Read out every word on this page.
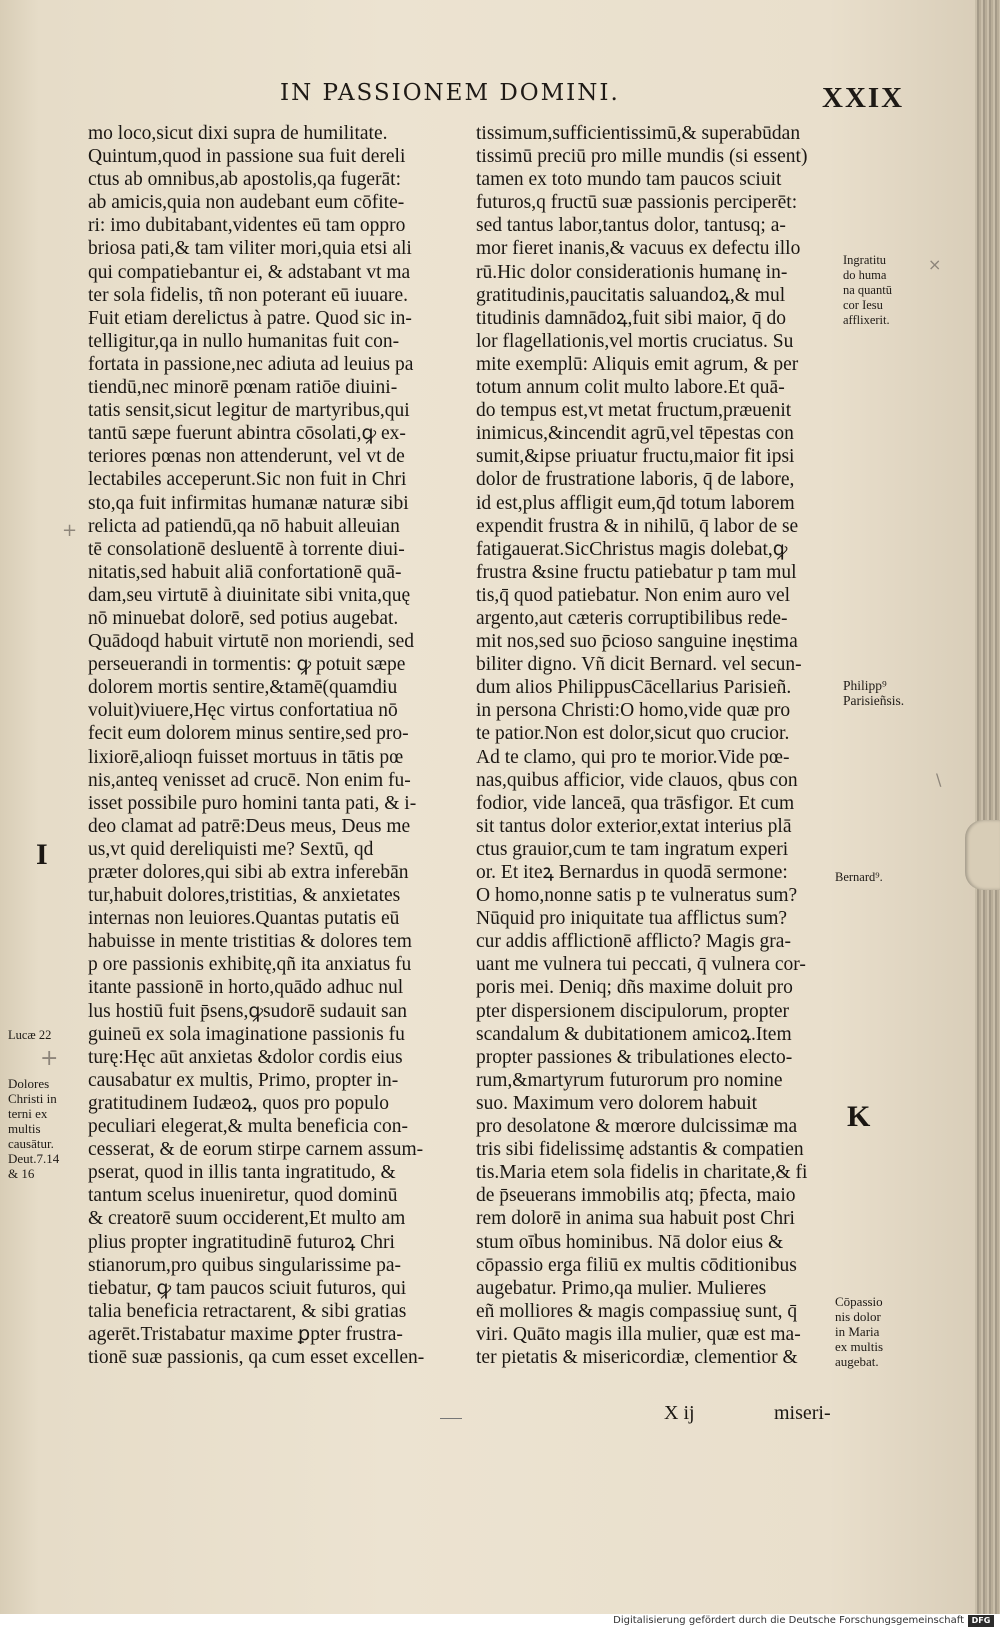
IN PASSIONEM DOMINI.	XXIX
mo loco,sicut dixi supra de humilitate.
Quintum,quod in passione sua fuit dereli
ctus ab omnibus,ab apostolis,qa fugerāt:
ab amicis,quia non audebant eum cōfite-
ri: imo dubitabant,videntes eū tam oppro
briosa pati,& tam viliter mori,quia etsi ali
qui compatiebantur ei, & adstabant vt ma
ter sola fidelis, tñ non poterant eū iuuare.
Fuit etiam derelictus à patre. Quod sic in-
telligitur,qa in nullo humanitas fuit con-
fortata in passione,nec adiuta ad leuius pa
tiendū,nec minorē pœnam ratiōe diuini-
tatis sensit,sicut legitur de martyribus,qui
tantū sæpe fuerunt abintra cōsolati,ꝙ ex-
teriores pœnas non attenderunt, vel vt de
lectabiles acceperunt.Sic non fuit in Chri
sto,qa fuit infirmitas humanæ naturæ sibi
relicta ad patiendū,qa nō habuit alleuian
tē consolationē desluentē à torrente diui-
nitatis,sed habuit aliā confortationē quā-
dam,seu virtutē à diuinitate sibi vnita,quę
nō minuebat dolorē, sed potius augebat.
Quādoqd habuit virtutē non moriendi, sed
perseuerandi in tormentis: ꝙ potuit sæpe
dolorem mortis sentire,&tamē(quamdiu
voluit)viuere,Hęc virtus confortatiua nō
fecit eum dolorem minus sentire,sed pro-
lixiorē,alioqn fuisset mortuus in tātis pœ
nis,anteq venisset ad crucē. Non enim fu-
isset possibile puro homini tanta pati, & i-
deo clamat ad patrē:Deus meus, Deus me
us,vt quid dereliquisti me? Sextū, qd
præter dolores,qui sibi ab extra inferebān
tur,habuit dolores,tristitias, & anxietates
internas non leuiores.Quantas putatis eū
habuisse in mente tristitias & dolores tem
p ore passionis exhibitę,qñ ita anxiatus fu
itante passionē in horto,quādo adhuc nul
lus hostiū fuit p̄sens,ꝙsudorē sudauit san
guineū ex sola imaginatione passionis fu
turę:Hęc aūt anxietas &dolor cordis eius
causabatur ex multis, Primo, propter in-
gratitudinem Iudæoꝝ, quos pro populo
peculiari elegerat,& multa beneficia con-
cesserat, & de eorum stirpe carnem assum-
pserat, quod in illis tanta ingratitudo, &
tantum scelus inueniretur, quod dominū
& creatorē suum occiderent,Et multo am
plius propter ingratitudinē futuroꝝ Chri
stianorum,pro quibus singularissime pa-
tiebatur, ꝙ tam paucos sciuit futuros, qui
talia beneficia retractarent, & sibi gratias
agerēt.Tristabatur maxime ꝑpter frustra-
tionē suæ passionis, qa cum esset excellen-
tissimum,sufficientissimū,& superabūdan
tissimū preciū pro mille mundis (si essent)
tamen ex toto mundo tam paucos sciuit
futuros,q fructū suæ passionis perciperēt:
sed tantus labor,tantus dolor, tantusq; a-
mor fieret inanis,& vacuus ex defectu illo
rū.Hic dolor considerationis humanę in-
gratitudinis,paucitatis saluandoꝝ,& mul
titudinis damnādoꝝ,fuit sibi maior, q̄ do
lor flagellationis,vel mortis cruciatus. Su
mite exemplū: Aliquis emit agrum, & per
totum annum colit multo labore.Et quā-
do tempus est,vt metat fructum,præuenit
inimicus,&incendit agrū,vel tēpestas con
sumit,&ipse priuatur fructu,maior fit ipsi
dolor de frustratione laboris, q̄ de labore,
id est,plus affligit eum,q̄d totum laborem
expendit frustra & in nihilū, q̄ labor de se
fatigauerat.SicChristus magis dolebat,ꝙ
frustra &sine fructu patiebatur p tam mul
tis,q̄ quod patiebatur. Non enim auro vel
argento,aut cæteris corruptibilibus rede-
mit nos,sed suo p̄cioso sanguine inęstima
biliter digno. Vñ dicit Bernard. vel secun-
dum alios PhilippusCācellarius Parisieñ.
in persona Christi:O homo,vide quæ pro
te patior.Non est dolor,sicut quo crucior.
Ad te clamo, qui pro te morior.Vide pœ-
nas,quibus afficior, vide clauos, qbus con
fodior, vide lanceā, qua trāsfigor. Et cum
sit tantus dolor exterior,extat interius plā
ctus grauior,cum te tam ingratum experi
or. Et iteꝝ Bernardus in quodā sermone:
O homo,nonne satis p te vulneratus sum?
Nūquid pro iniquitate tua afflictus sum?
cur addis afflictionē afflicto? Magis gra-
uant me vulnera tui peccati, q̄ vulnera cor-
poris mei. Deniq; dñs maxime doluit pro
pter dispersionem discipulorum, propter
scandalum & dubitationem amicoꝝ.Item
propter passiones & tribulationes electo-
rum,&martyrum futurorum pro nomine
suo. Maximum vero dolorem habuit
pro desolatone & mœrore dulcissimæ ma
tris sibi fidelissimę adstantis & compatien
tis.Maria etem sola fidelis in charitate,& fi
de p̄seuerans immobilis atq; p̄fecta, maio
rem dolorē in anima sua habuit post Chri
stum oībus hominibus. Nā dolor eius &
cōpassio erga filiū ex multis cōditionibus
augebatur. Primo,qa mulier. Mulieres
eñ molliores & magis compassiuę sunt, q̄
viri. Quāto magis illa mulier, quæ est ma-
ter pietatis & misericordiæ, clementior &
X ij	miseri-
Ingratitu
do huma
na quantū
cor Iesu
afflixerit.
Philipp⁹
Parisieñsis.
Bernard⁹.
Lucæ 22
Dolores
Christi in
terni ex
multis
causātur.
Deut.7.14
& 16
Cōpassio
nis dolor
in Maria
ex multis
augebat.
I
K
+
+
×
\
Digitalisierung gefördert durch die Deutsche Forschungsgemeinschaft DFG
